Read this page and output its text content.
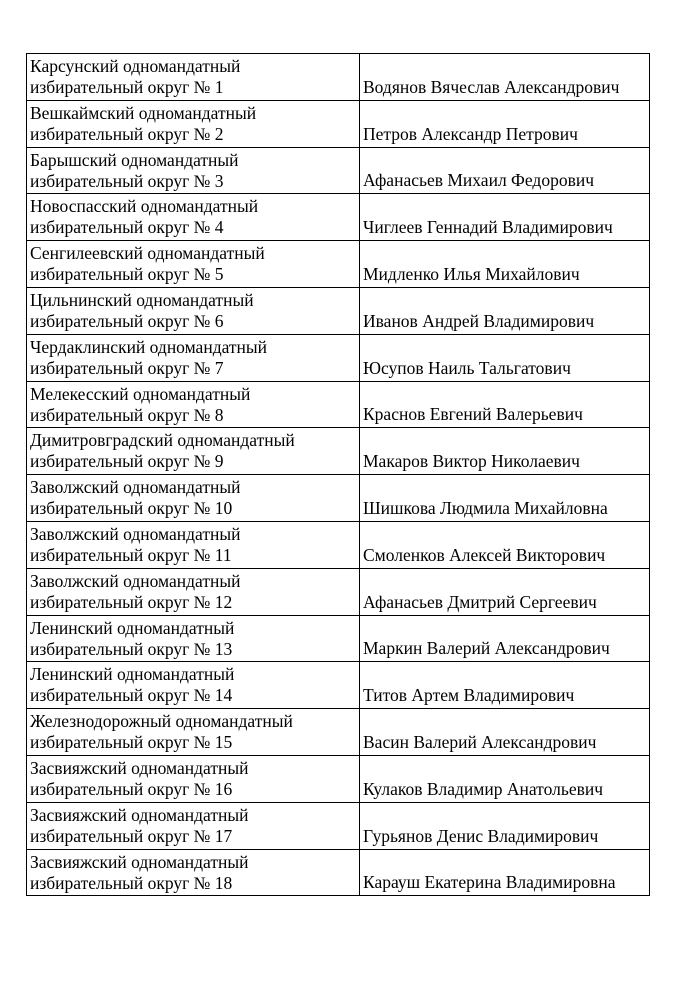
Карсунский одномандатный
избирательный округ № 1	Водянов Вячеслав Александрович

Вешкаймский одномандатный
избирательный округ № 2	Петров Александр Петрович

Барышский одномандатный
избирательный округ № 3	Афанасьев Михаил Федорович

Новоспасский одномандатный
избирательный округ № 4	Чиглеев Геннадий Владимирович

Сенгилеевский одномандатный
избирательный округ № 5	Мидленко Илья Михайлович

Цильнинский одномандатный
избирательный округ № 6	Иванов Андрей Владимирович

Чердаклинский одномандатный
избирательный округ № 7	Юсупов Наиль Тальгатович

Мелекесский одномандатный
избирательный округ № 8	Краснов Евгений Валерьевич

Димитровградский одномандатный
избирательный округ № 9	Макаров Виктор Николаевич

Заволжский одномандатный
избирательный округ № 10	Шишкова Людмила Михайловна

Заволжский одномандатный
избирательный округ № 11	Смоленков Алексей Викторович

Заволжский одномандатный
избирательный округ № 12	Афанасьев Дмитрий Сергеевич

Ленинский одномандатный
избирательный округ № 13	Маркин Валерий Александрович

Ленинский одномандатный
избирательный округ № 14	Титов Артем Владимирович

Железнодорожный одномандатный
избирательный округ № 15	Васин Валерий Александрович

Засвияжский одномандатный
избирательный округ № 16	Кулаков Владимир Анатольевич

Засвияжский одномандатный
избирательный округ № 17	Гурьянов Денис Владимирович

Засвияжский одномандатный
избирательный округ № 18	Карауш Екатерина Владимировна
